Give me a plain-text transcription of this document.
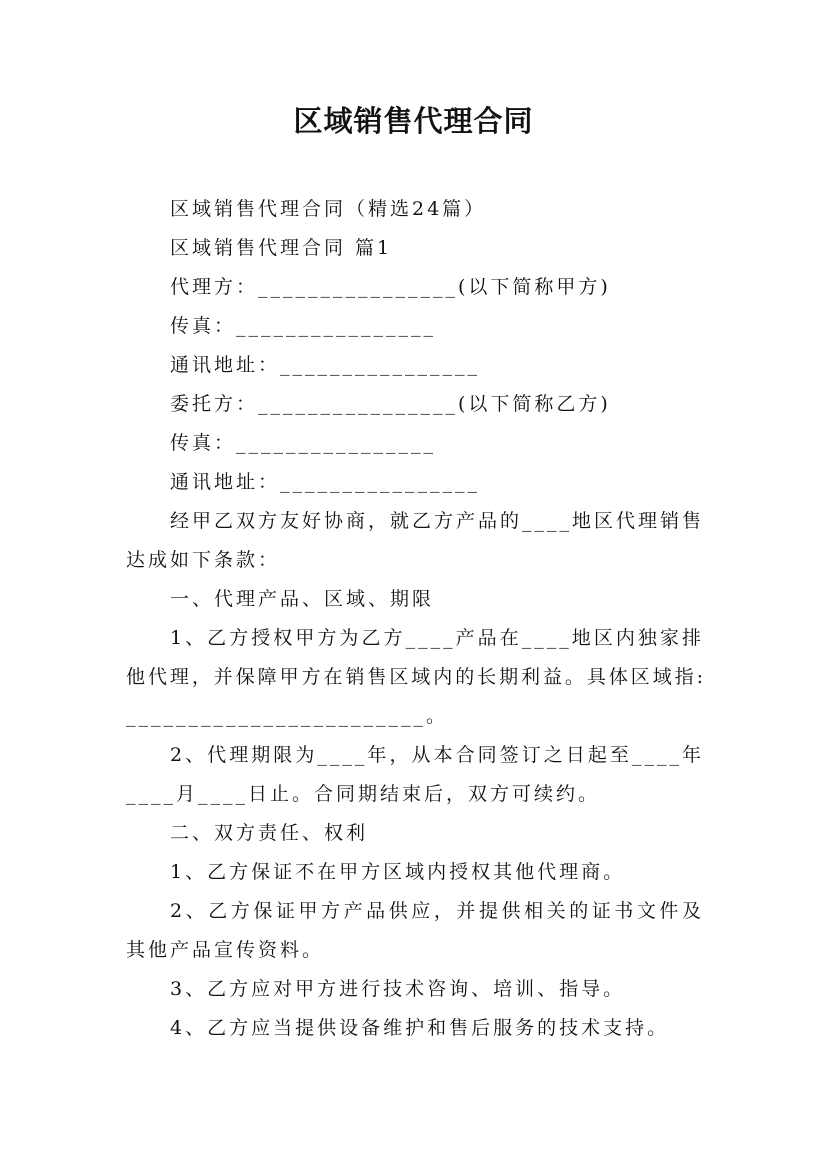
区域销售代理合同
区域销售代理合同（精选24篇）
区域销售代理合同 篇1
代理方：________________(以下简称甲方)
传真：________________
通讯地址：________________
委托方：________________(以下简称乙方)
传真：________________
通讯地址：________________
经甲乙双方友好协商，就乙方产品的____地区代理销售
达成如下条款：
一、代理产品、区域、期限
1、乙方授权甲方为乙方____产品在____地区内独家排
他代理，并保障甲方在销售区域内的长期利益。具体区域指:
________________________。
2、代理期限为____年，从本合同签订之日起至____年
____月____日止。合同期结束后，双方可续约。
二、双方责任、权利
1、乙方保证不在甲方区域内授权其他代理商。
2、乙方保证甲方产品供应，并提供相关的证书文件及
其他产品宣传资料。
3、乙方应对甲方进行技术咨询、培训、指导。
4、乙方应当提供设备维护和售后服务的技术支持。
